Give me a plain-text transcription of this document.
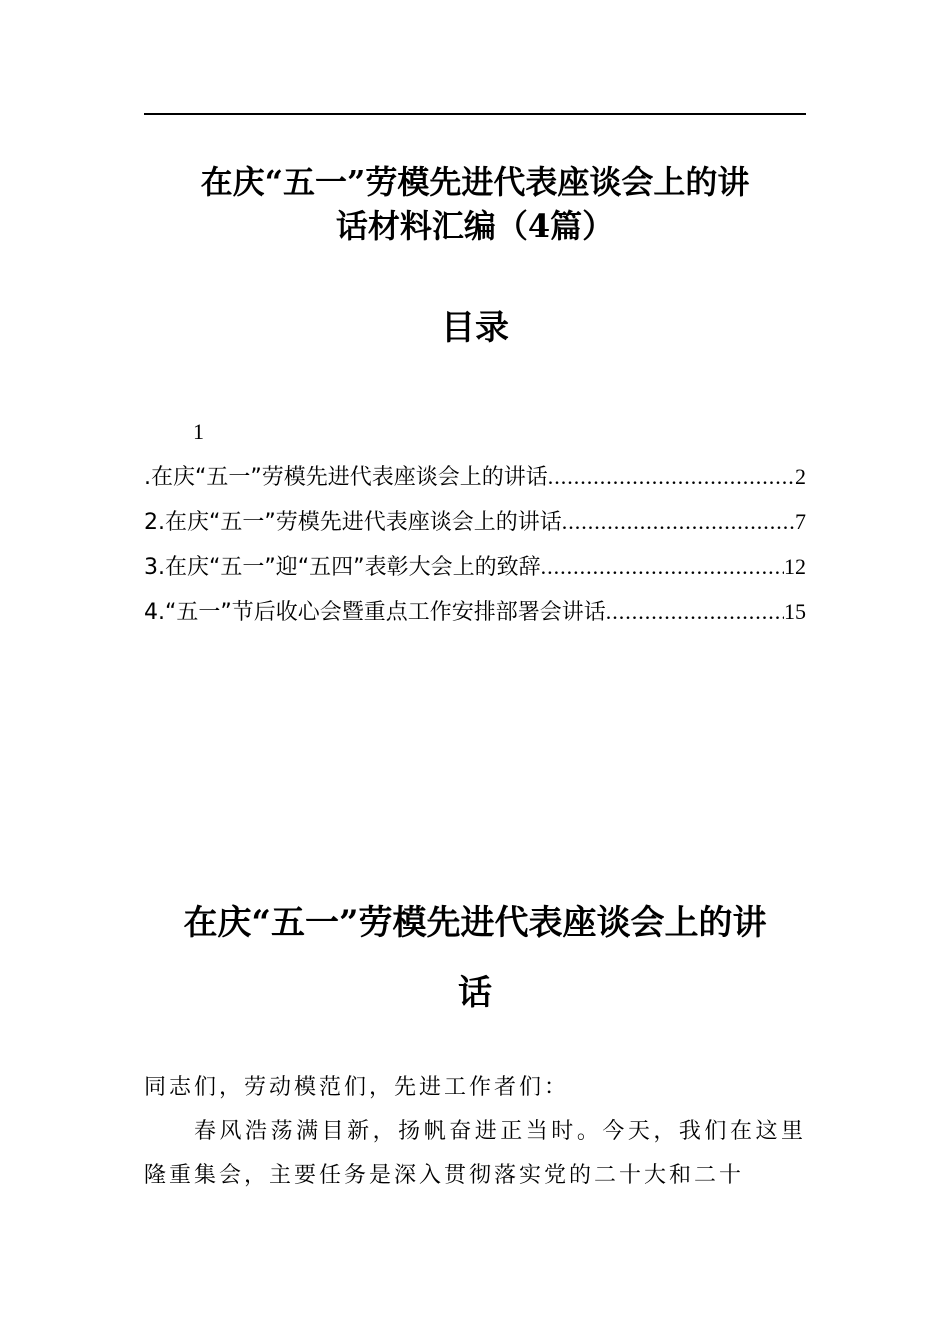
在庆“五一”劳模先进代表座谈会上的讲
话材料汇编（4篇）
目录
1
.在庆“五一”劳模先进代表座谈会上的讲话 .....	2
2.在庆“五一”劳模先进代表座谈会上的讲话 .....	7
3.在庆“五一”迎“五四”表彰大会上的致辞 .....	12
4.“五一”节后收心会暨重点工作安排部署会讲话 .....	15
在庆“五一”劳模先进代表座谈会上的讲
话
同志们，劳动模范们，先进工作者们：
春风浩荡满目新，扬帆奋进正当时。今天，我们在这里隆重集会，主要任务是深入贯彻落实党的二十大和二十
